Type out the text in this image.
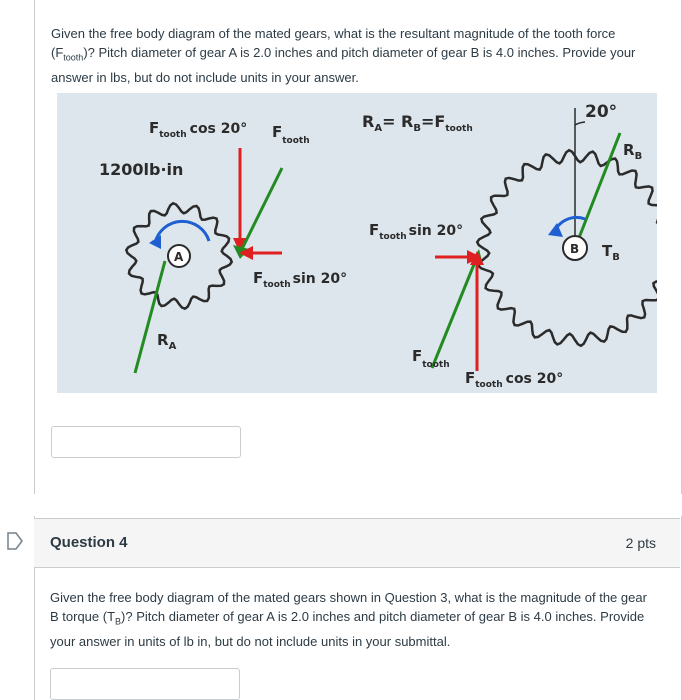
Given the free body diagram of the mated gears, what is the resultant magnitude of the tooth force $(F_{tooth})$? Pitch diameter of gear A is 2.0 inches and pitch diameter of gear B is 4.0 inches. Provide your answer in lbs, but do not include units in your answer.
$F_{tooth}$ cos 20° $F_{tooth}$
1200lb·in
$R_A$
$F_{tooth}$ sin 20°
$R_A= R_B=F_{tooth}$
$F_{tooth}$ sin 20°
$F_{tooth}$
$F_{tooth}$ cos 20°
20°
$R_B$
$T_B$
A
B
Question 4	2 pts
Given the free body diagram of the mated gears shown in Question 3, what is the magnitude of the gear B torque $(T_B)$? Pitch diameter of gear A is 2.0 inches and pitch diameter of gear B is 4.0 inches. Provide your answer in units of lb in, but do not include units in your submittal.
